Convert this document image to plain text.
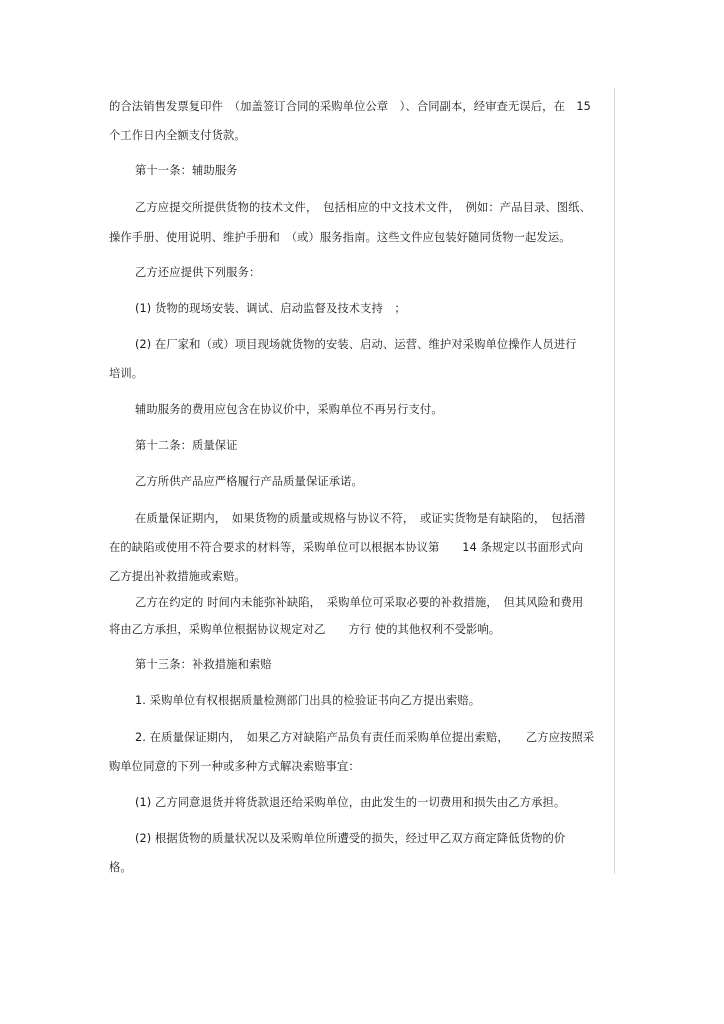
的合法销售发票复印件　（加盖签订合同的采购单位公章　）、合同副本，经审查无误后，在　15
个工作日内全额支付货款。
第十一条：辅助服务
乙方应提交所提供货物的技术文件，　包括相应的中文技术文件，　例如：产品目录、图纸、
操作手册、使用说明、维护手册和　（或）服务指南。这些文件应包装好随同货物一起发运。
乙方还应提供下列服务：
(1) 货物的现场安装、调试、启动监督及技术支持　；
(2) 在厂家和（或）项目现场就货物的安装、启动、运营、维护对采购单位操作人员进行
培训。
辅助服务的费用应包含在协议价中，采购单位不再另行支付。
第十二条：质量保证
乙方所供产品应严格履行产品质量保证承诺。
在质量保证期内，　如果货物的质量或规格与协议不符，　或证实货物是有缺陷的，　包括潜
在的缺陷或使用不符合要求的材料等，采购单位可以根据本协议第　　14 条规定以书面形式向
乙方提出补救措施或索赔。
乙方在约定的 时间内未能弥补缺陷，　采购单位可采取必要的补救措施，　但其风险和费用
将由乙方承担，采购单位根据协议规定对乙　　方行 使的其他权利不受影响。
第十三条：补救措施和索赔
1. 采购单位有权根据质量检测部门出具的检验证书向乙方提出索赔。
2. 在质量保证期内，　如果乙方对缺陷产品负有责任而采购单位提出索赔，　　乙方应按照采
购单位同意的下列一种或多种方式解决索赔事宜：
(1) 乙方同意退货并将货款退还给采购单位，由此发生的一切费用和损失由乙方承担。
(2) 根据货物的质量状况以及采购单位所遭受的损失，经过甲乙双方商定降低货物的价
格。
